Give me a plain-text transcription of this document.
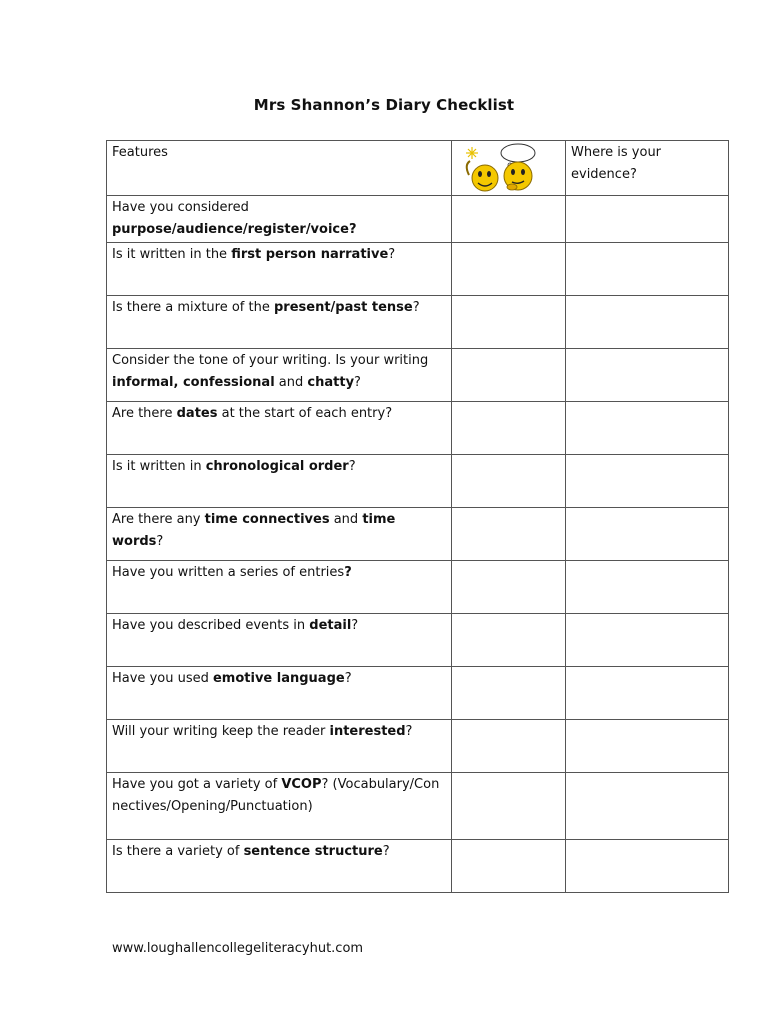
Mrs Shannon’s Diary Checklist
Features		Where is your
evidence?

Have you considered
purpose/audience/register/voice?		
Is it written in the first person narrative?		
Is there a mixture of the present/past tense?		
Consider the tone of your writing. Is your writing informal, confessional and chatty?		
Are there dates at the start of each entry?		
Is it written in chronological order?		
Are there any time connectives and time words?		
Have you written a series of entries?		
Have you described events in detail?		
Have you used emotive language?		
Will your writing keep the reader interested?		
Have you got a variety of VCOP? (Vocabulary/Connectives/Opening/Punctuation)		
Is there a variety of sentence structure?		
www.loughallencollegeliteracyhut.com
